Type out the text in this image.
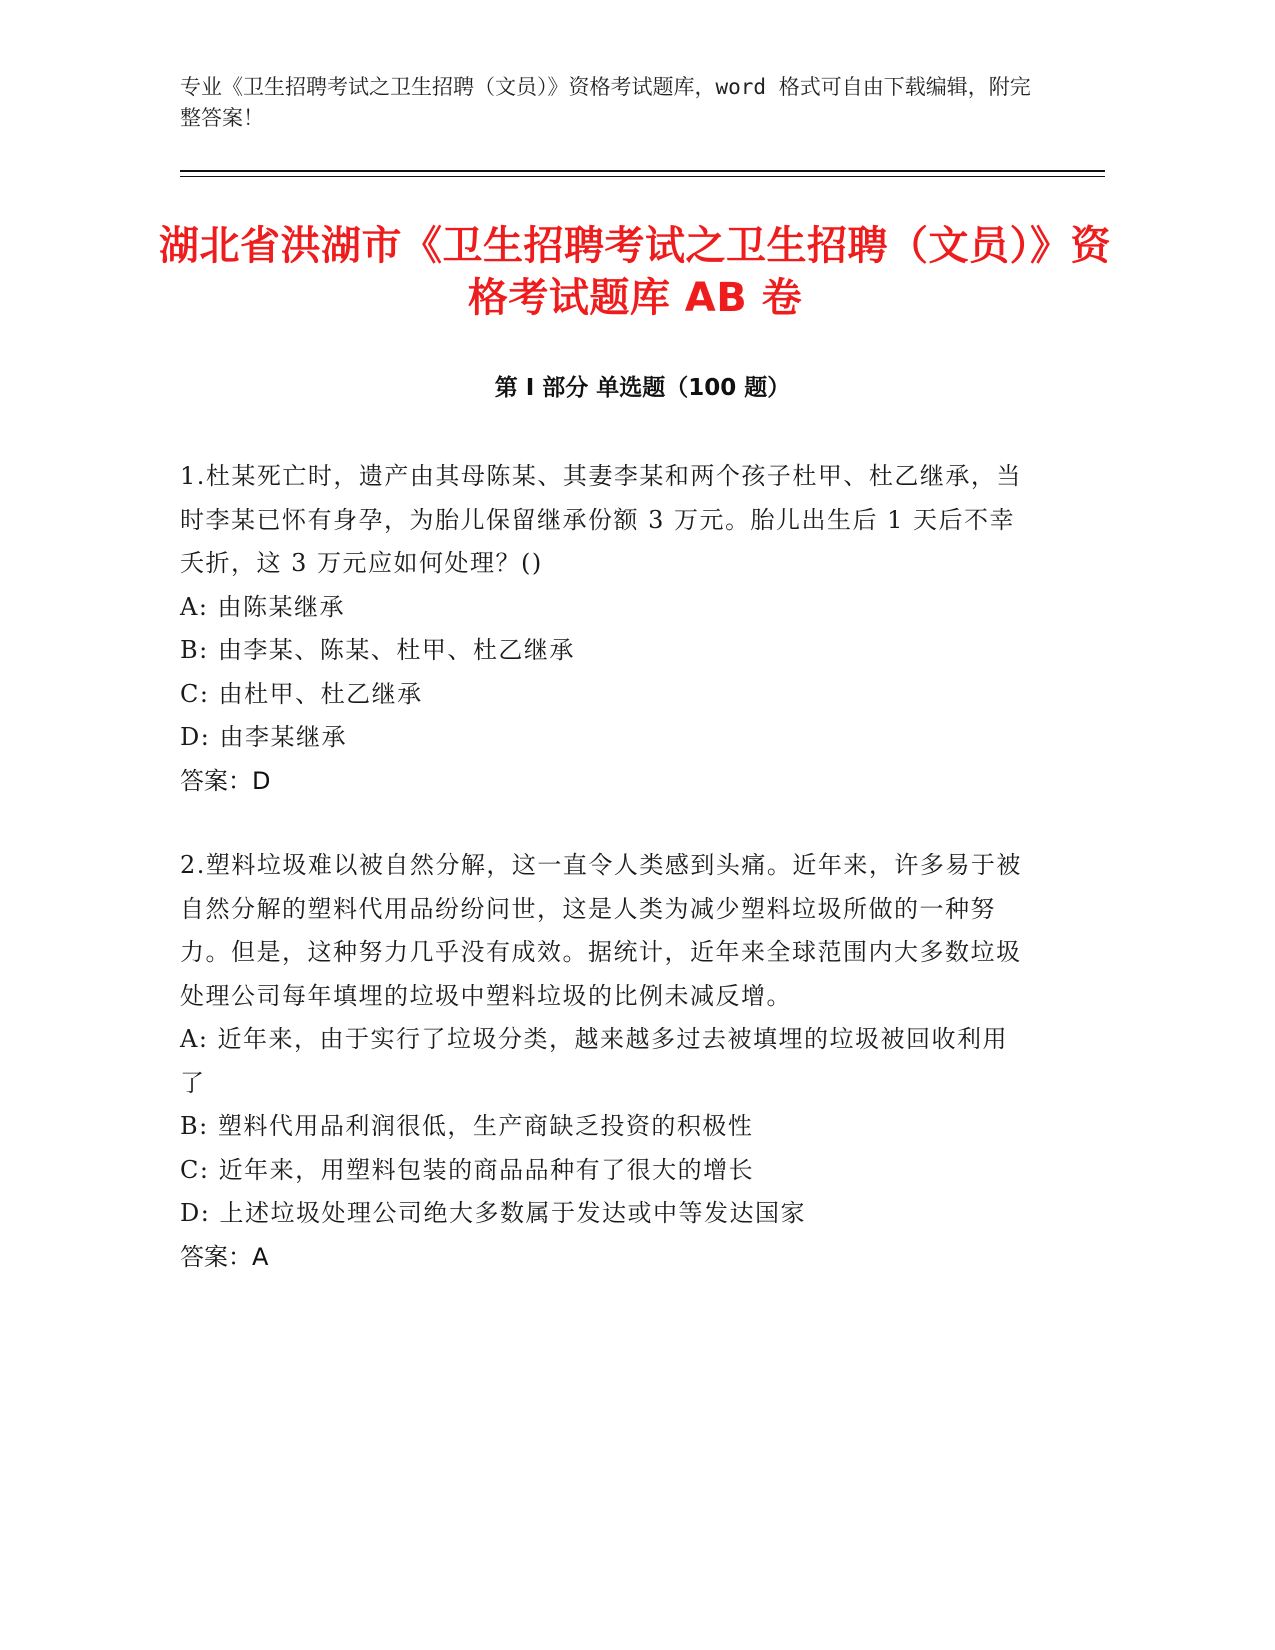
专业《卫生招聘考试之卫生招聘（文员）》资格考试题库，word 格式可自由下载编辑，附完整答案！
湖北省洪湖市《卫生招聘考试之卫生招聘（文员）》资格考试题库 AB 卷
第 I 部分 单选题（100 题）

1.杜某死亡时，遗产由其母陈某、其妻李某和两个孩子杜甲、杜乙继承，当时李某已怀有身孕，为胎儿保留继承份额 3 万元。胎儿出生后 1 天后不幸夭折，这 3 万元应如何处理？()

A: 由陈某继承

B: 由李某、陈某、杜甲、杜乙继承

C: 由杜甲、杜乙继承

D: 由李某继承

答案：D

2.塑料垃圾难以被自然分解，这一直令人类感到头痛。近年来，许多易于被自然分解的塑料代用品纷纷问世，这是人类为减少塑料垃圾所做的一种努力。但是，这种努力几乎没有成效。据统计，近年来全球范围内大多数垃圾处理公司每年填埋的垃圾中塑料垃圾的比例未减反增。

A: 近年来，由于实行了垃圾分类，越来越多过去被填埋的垃圾被回收利用了

B: 塑料代用品利润很低，生产商缺乏投资的积极性

C: 近年来，用塑料包装的商品品种有了很大的增长

D: 上述垃圾处理公司绝大多数属于发达或中等发达国家

答案：A
